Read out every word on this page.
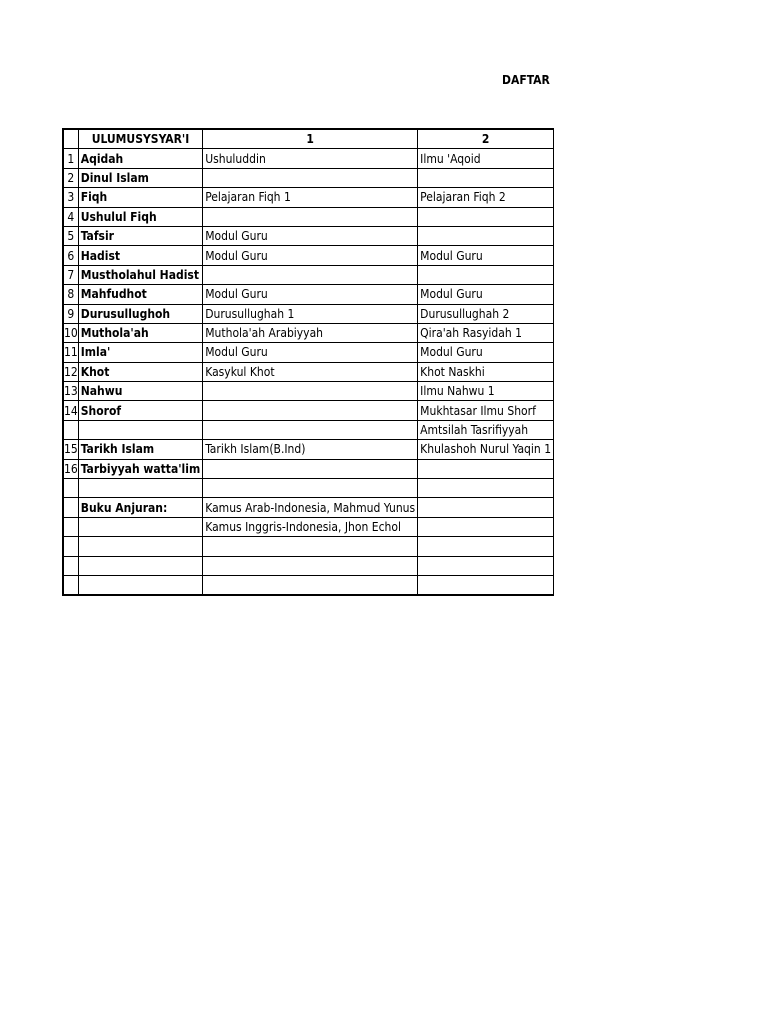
DAFTAR
	ULUMUSYSYAR'I	1	2
1	Aqidah	Ushuluddin	Ilmu 'Aqoid
2	Dinul Islam		
3	Fiqh	Pelajaran Fiqh 1	Pelajaran Fiqh 2
4	Ushulul Fiqh		
5	Tafsir	Modul Guru	
6	Hadist	Modul Guru	Modul Guru
7	Mustholahul Hadist		
8	Mahfudhot	Modul Guru	Modul Guru
9	Durusullughoh	Durusullughah 1	Durusullughah 2
10	Muthola'ah	Muthola'ah Arabiyyah	Qira'ah Rasyidah 1
11	Imla'	Modul Guru	Modul Guru
12	Khot	Kasykul Khot	Khot Naskhi
13	Nahwu		Ilmu Nahwu 1
14	Shorof		Mukhtasar Ilmu Shorf
			Amtsilah Tasrifiyyah
15	Tarikh Islam	Tarikh Islam(B.Ind)	Khulashoh Nurul Yaqin 1
16	Tarbiyyah watta'lim		

	Buku Anjuran:	Kamus Arab-Indonesia, Mahmud Yunus	
		Kamus Inggris-Indonesia, Jhon Echol	
